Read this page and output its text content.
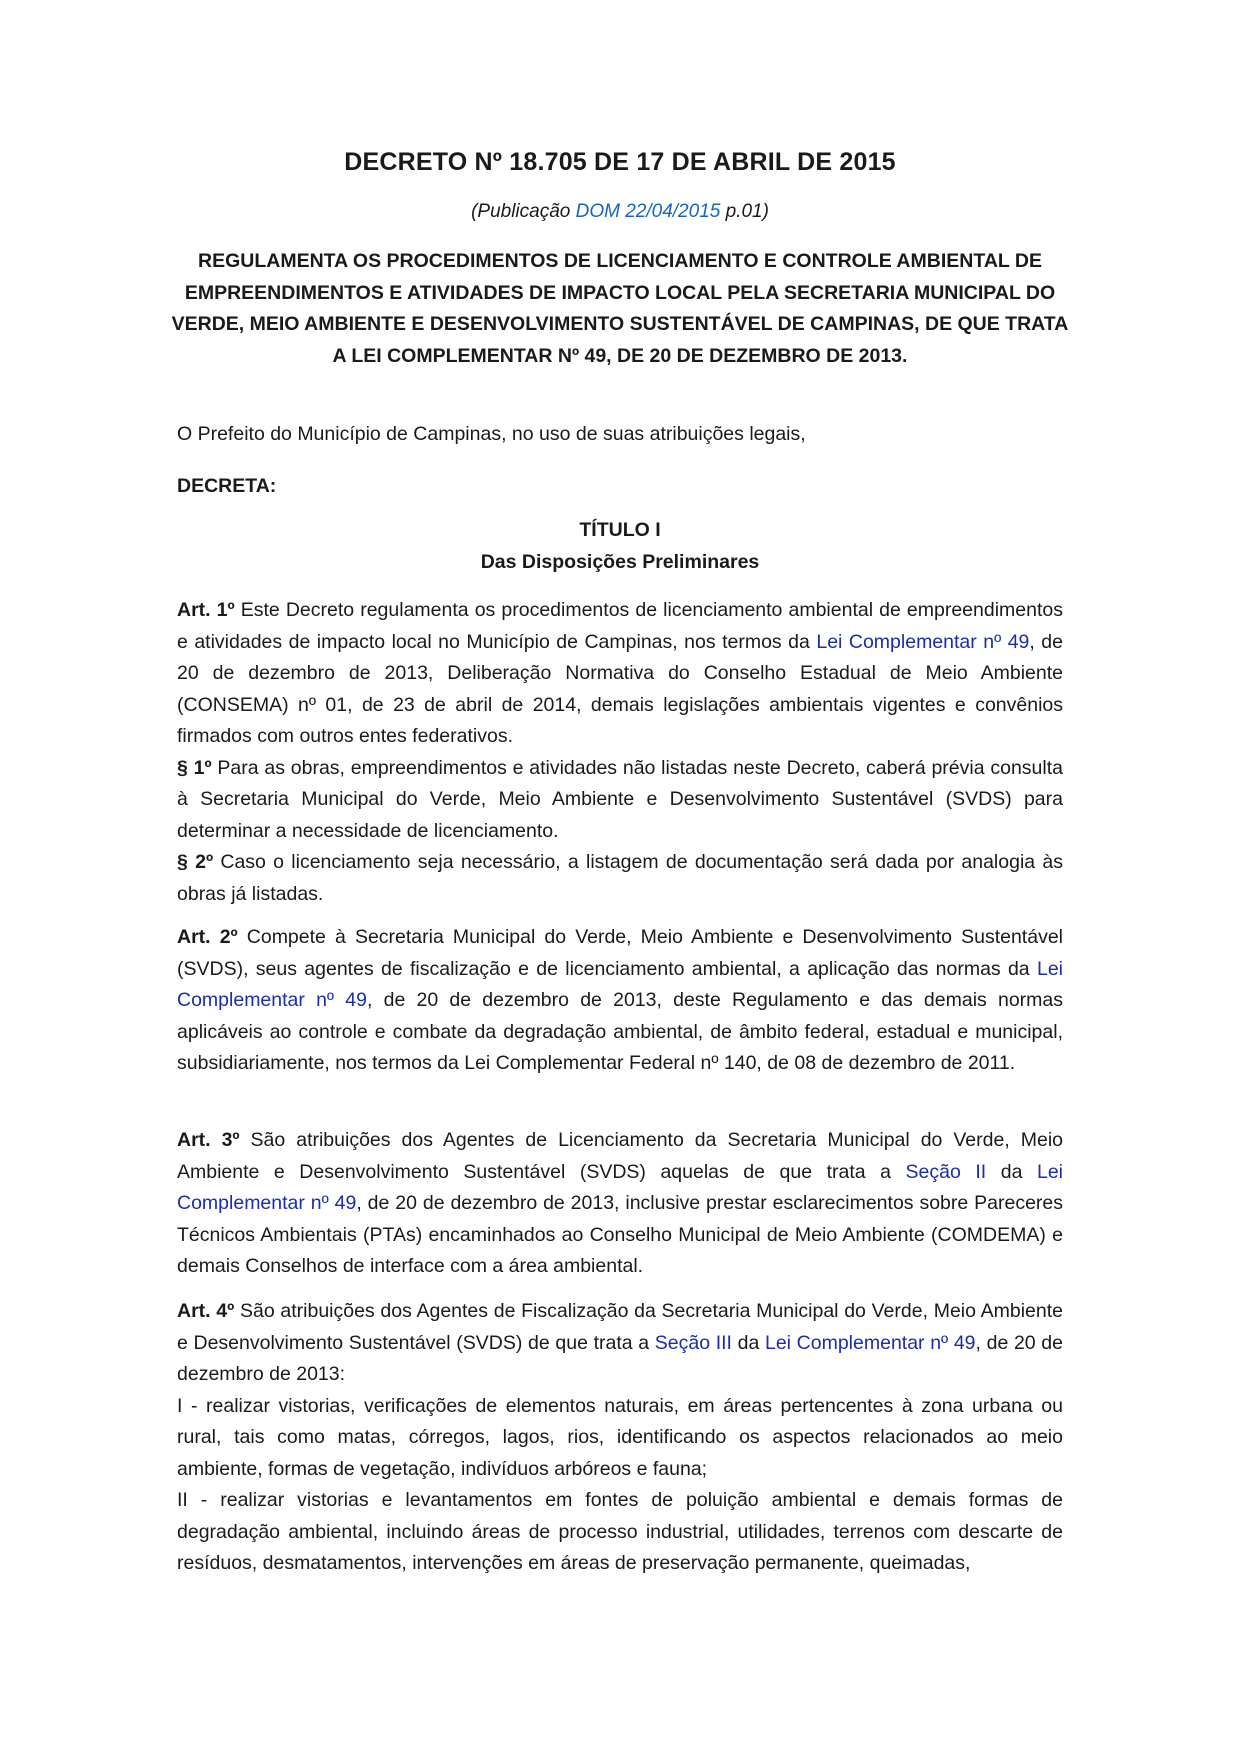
DECRETO Nº 18.705 DE 17 DE ABRIL DE 2015
(Publicação DOM 22/04/2015 p.01)
REGULAMENTA OS PROCEDIMENTOS DE LICENCIAMENTO E CONTROLE AMBIENTAL DE EMPREENDIMENTOS E ATIVIDADES DE IMPACTO LOCAL PELA SECRETARIA MUNICIPAL DO VERDE, MEIO AMBIENTE E DESENVOLVIMENTO SUSTENTÁVEL DE CAMPINAS, DE QUE TRATA A LEI COMPLEMENTAR Nº 49, DE 20 DE DEZEMBRO DE 2013.
O Prefeito do Município de Campinas, no uso de suas atribuições legais,
DECRETA:
TÍTULO I
Das Disposições Preliminares

Art. 1º Este Decreto regulamenta os procedimentos de licenciamento ambiental de empreendimentos e atividades de impacto local no Município de Campinas, nos termos da Lei Complementar nº 49, de 20 de dezembro de 2013, Deliberação Normativa do Conselho Estadual de Meio Ambiente (CONSEMA) nº 01, de 23 de abril de 2014, demais legislações ambientais vigentes e convênios firmados com outros entes federativos.

§ 1º Para as obras, empreendimentos e atividades não listadas neste Decreto, caberá prévia consulta à Secretaria Municipal do Verde, Meio Ambiente e Desenvolvimento Sustentável (SVDS) para determinar a necessidade de licenciamento.

§ 2º Caso o licenciamento seja necessário, a listagem de documentação será dada por analogia às obras já listadas.

Art. 2º Compete à Secretaria Municipal do Verde, Meio Ambiente e Desenvolvimento Sustentável (SVDS), seus agentes de fiscalização e de licenciamento ambiental, a aplicação das normas da Lei Complementar nº 49, de 20 de dezembro de 2013, deste Regulamento e das demais normas aplicáveis ao controle e combate da degradação ambiental, de âmbito federal, estadual e municipal, subsidiariamente, nos termos da Lei Complementar Federal nº 140, de 08 de dezembro de 2011.

Art. 3º São atribuições dos Agentes de Licenciamento da Secretaria Municipal do Verde, Meio Ambiente e Desenvolvimento Sustentável (SVDS) aquelas de que trata a Seção II da Lei Complementar nº 49, de 20 de dezembro de 2013, inclusive prestar esclarecimentos sobre Pareceres Técnicos Ambientais (PTAs) encaminhados ao Conselho Municipal de Meio Ambiente (COMDEMA) e demais Conselhos de interface com a área ambiental.

Art. 4º São atribuições dos Agentes de Fiscalização da Secretaria Municipal do Verde, Meio Ambiente e Desenvolvimento Sustentável (SVDS) de que trata a Seção III da Lei Complementar nº 49, de 20 de dezembro de 2013:

I - realizar vistorias, verificações de elementos naturais, em áreas pertencentes à zona urbana ou rural, tais como matas, córregos, lagos, rios, identificando os aspectos relacionados ao meio ambiente, formas de vegetação, indivíduos arbóreos e fauna;

II - realizar vistorias e levantamentos em fontes de poluição ambiental e demais formas de degradação ambiental, incluindo áreas de processo industrial, utilidades, terrenos com descarte de resíduos, desmatamentos, intervenções em áreas de preservação permanente, queimadas,
